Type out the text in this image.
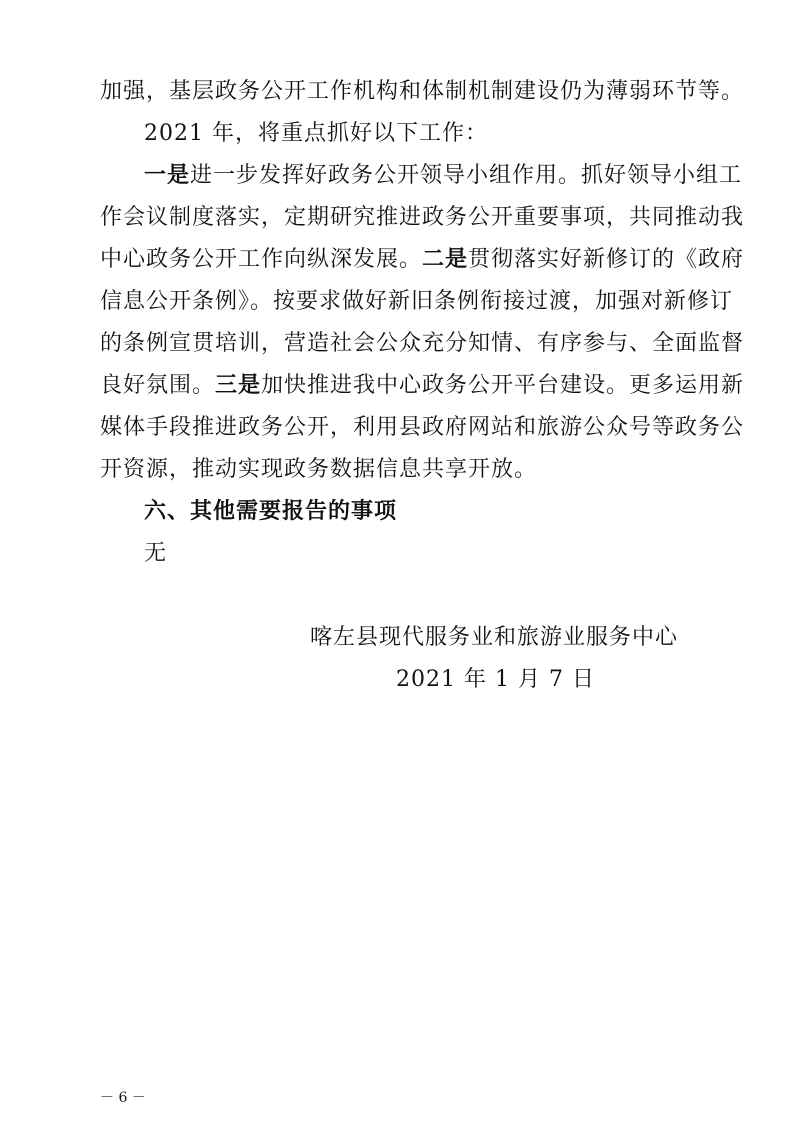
加强，基层政务公开工作机构和体制机制建设仍为薄弱环节等。
2021 年，将重点抓好以下工作：
一是进一步发挥好政务公开领导小组作用。抓好领导小组工
作会议制度落实，定期研究推进政务公开重要事项，共同推动我
中心政务公开工作向纵深发展。二是贯彻落实好新修订的《政府
信息公开条例》。按要求做好新旧条例衔接过渡，加强对新修订
的条例宣贯培训，营造社会公众充分知情、有序参与、全面监督
良好氛围。三是加快推进我中心政务公开平台建设。更多运用新
媒体手段推进政务公开，利用县政府网站和旅游公众号等政务公
开资源，推动实现政务数据信息共享开放。
六、其他需要报告的事项
无
喀左县现代服务业和旅游业服务中心
2021 年 1 月 7 日
－ 6 －
